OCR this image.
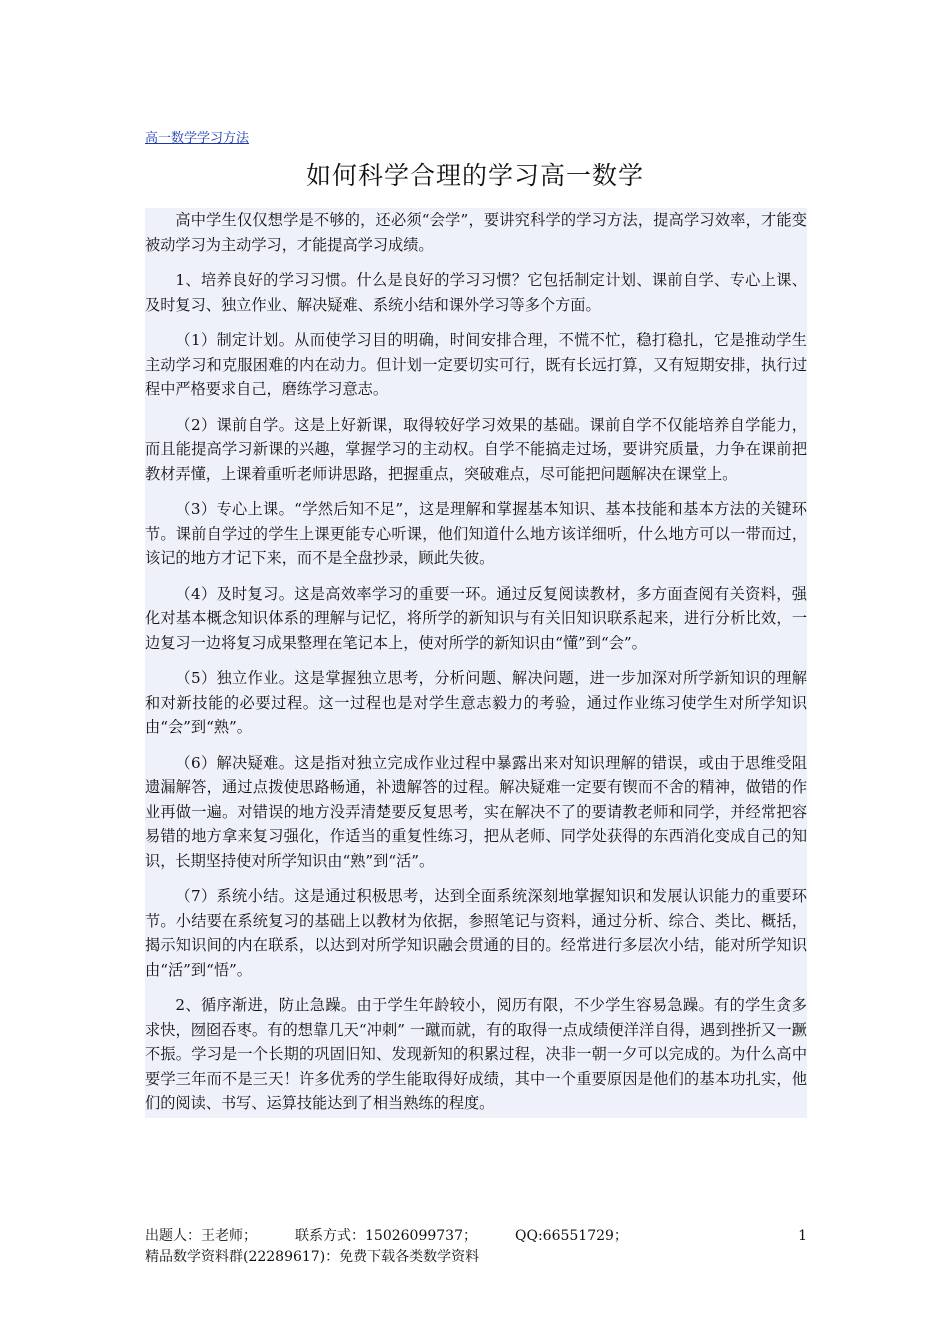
高一数学学习方法
如何科学合理的学习高一数学

高中学生仅仅想学是不够的，还必须“会学”，要讲究科学的学习方法，提高学习效率，才能变被动学习为主动学习，才能提高学习成绩。

1、培养良好的学习习惯。什么是良好的学习习惯？它包括制定计划、课前自学、专心上课、及时复习、独立作业、解决疑难、系统小结和课外学习等多个方面。

（1）制定计划。从而使学习目的明确，时间安排合理，不慌不忙，稳打稳扎，它是推动学生主动学习和克服困难的内在动力。但计划一定要切实可行，既有长远打算，又有短期安排，执行过程中严格要求自己，磨练学习意志。

（2）课前自学。这是上好新课，取得较好学习效果的基础。课前自学不仅能培养自学能力，而且能提高学习新课的兴趣，掌握学习的主动权。自学不能搞走过场，要讲究质量，力争在课前把教材弄懂，上课着重听老师讲思路，把握重点，突破难点，尽可能把问题解决在课堂上。

（3）专心上课。“学然后知不足”，这是理解和掌握基本知识、基本技能和基本方法的关键环节。课前自学过的学生上课更能专心听课，他们知道什么地方该详细听，什么地方可以一带而过，该记的地方才记下来，而不是全盘抄录，顾此失彼。

（4）及时复习。这是高效率学习的重要一环。通过反复阅读教材，多方面查阅有关资料，强化对基本概念知识体系的理解与记忆，将所学的新知识与有关旧知识联系起来，进行分析比效，一边复习一边将复习成果整理在笔记本上，使对所学的新知识由“懂”到“会”。

（5）独立作业。这是掌握独立思考，分析问题、解决问题，进一步加深对所学新知识的理解和对新技能的必要过程。这一过程也是对学生意志毅力的考验，通过作业练习使学生对所学知识由“会”到“熟”。

（6）解决疑难。这是指对独立完成作业过程中暴露出来对知识理解的错误，或由于思维受阻遗漏解答，通过点拨使思路畅通，补遗解答的过程。解决疑难一定要有锲而不舍的精神，做错的作业再做一遍。对错误的地方没弄清楚要反复思考，实在解决不了的要请教老师和同学，并经常把容易错的地方拿来复习强化，作适当的重复性练习，把从老师、同学处获得的东西消化变成自己的知识，长期坚持使对所学知识由“熟”到“活”。

（7）系统小结。这是通过积极思考，达到全面系统深刻地掌握知识和发展认识能力的重要环节。小结要在系统复习的基础上以教材为依据，参照笔记与资料，通过分析、综合、类比、概括，揭示知识间的内在联系，以达到对所学知识融会贯通的目的。经常进行多层次小结，能对所学知识由“活”到“悟”。

2、循序渐进，防止急躁。由于学生年龄较小，阅历有限，不少学生容易急躁。有的学生贪多求快，囫囵吞枣。有的想靠几天“冲刺” 一蹴而就，有的取得一点成绩便洋洋自得，遇到挫折又一蹶不振。学习是一个长期的巩固旧知、发现新知的积累过程，决非一朝一夕可以完成的。为什么高中要学三年而不是三天！许多优秀的学生能取得好成绩，其中一个重要原因是他们的基本功扎实，他们的阅读、书写、运算技能达到了相当熟练的程度。

出题人：王老师；	联系方式：15026099737；	QQ:66551729；
精品数学资料群(22289617)：免费下载各类数学资料
1
